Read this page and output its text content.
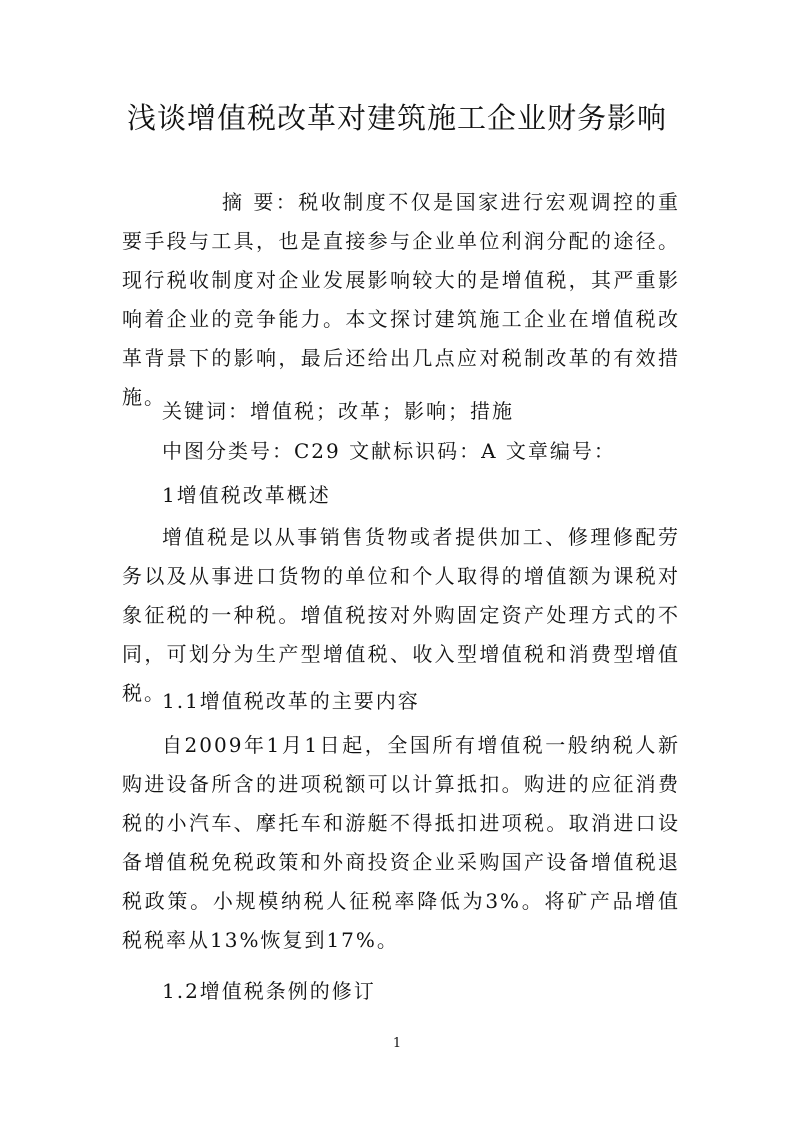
浅谈增值税改革对建筑施工企业财务影响
摘 要：税收制度不仅是国家进行宏观调控的重要手段与工具，也是直接参与企业单位利润分配的途径。现行税收制度对企业发展影响较大的是增值税，其严重影响着企业的竞争能力。本文探讨建筑施工企业在增值税改革背景下的影响，最后还给出几点应对税制改革的有效措施。
关键词：增值税；改革；影响；措施
中图分类号：C29 文献标识码：A 文章编号：
1增值税改革概述
增值税是以从事销售货物或者提供加工、修理修配劳务以及从事进口货物的单位和个人取得的增值额为课税对象征税的一种税。增值税按对外购固定资产处理方式的不同，可划分为生产型增值税、收入型增值税和消费型增值税。
1.1增值税改革的主要内容
自2009年1月1日起，全国所有增值税一般纳税人新购进设备所含的进项税额可以计算抵扣。购进的应征消费税的小汽车、摩托车和游艇不得抵扣进项税。取消进口设备增值税免税政策和外商投资企业采购国产设备增值税退税政策。小规模纳税人征税率降低为3%。将矿产品增值税税率从13%恢复到17%。
1.2增值税条例的修订
1
